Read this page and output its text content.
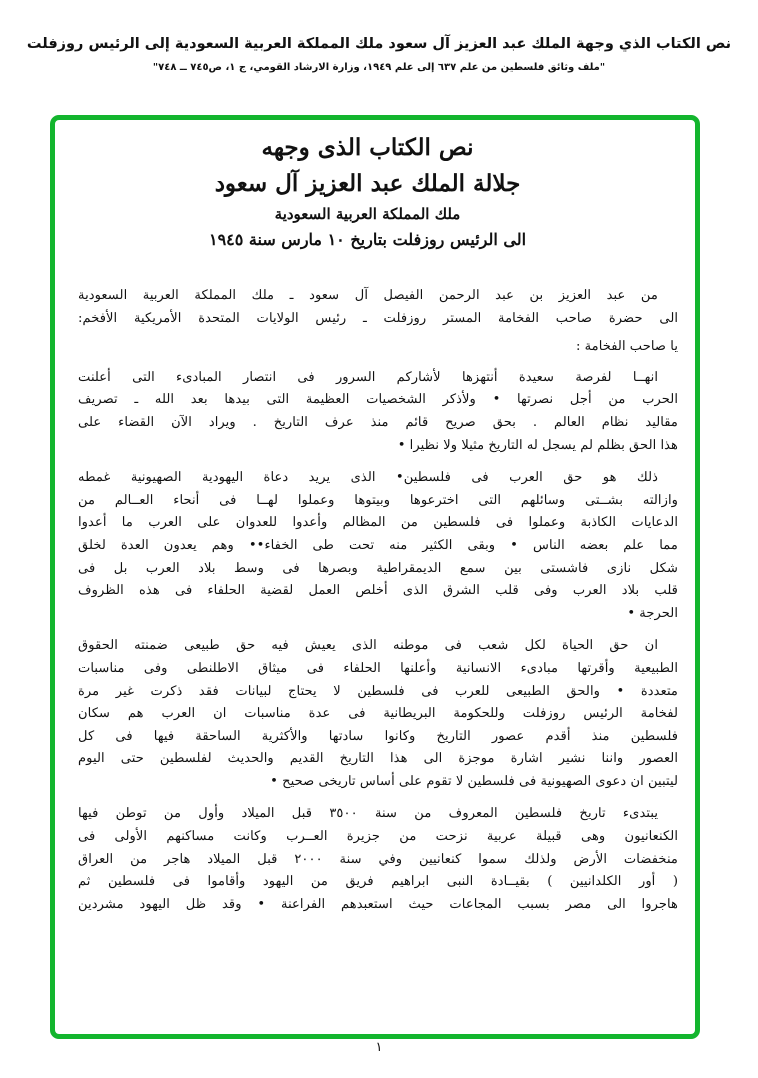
نص الكتاب الذي وجهة الملك عبد العزيز آل سعود ملك المملكة العربية السعودية إلى الرئيس روزفلت
"ملف وثائق فلسطين من علم ٦٣٧ إلى علم ١٩٤٩، وزارة الارشاد القومي، ج ١، ص٧٤٥ ــ ٧٤٨"
نص الكتاب الذى وجهه
جلالة الملك عبد العزيز آل سعود
ملك المملكة العربية السعودية
الى الرئيس روزفلت بتاريخ ١٠ مارس سنة ١٩٤٥
من عبد العزيز بن عبد الرحمن الفيصل آل سعود ـ ملك المملكة العربية السعودية
الى حضرة صاحب الفخامة المستر روزفلت ـ رئيس الولايات المتحدة الأمريكية الأفخم:
يا صاحب الفخامة :

انهــا لفرصة سعيدة أنتهزها لأشاركم السرور فى انتصار المبادىء التى أعلنت
الحرب من أجل نصرتها • ولأذكر الشخصيات العظيمة التى بيدها بعد الله ـ تصريف
مقاليد نظام العالم . بحق صريح قائم منذ عرف التاريخ . ويراد الآن القضاء على
هذا الحق بظلم لم يسجل له التاريخ مثيلا ولا نظيرا •

ذلك هو حق العرب فى فلسطين• الذى يريد دعاة اليهودية الصهيونية غمطه
وازالته بشــتى وسائلهم التى اخترعوها وبيتوها وعملوا لهــا فى أنحاء العــالم من
الدعايات الكاذبة وعملوا فى فلسطين من المظالم وأعدوا للعدوان على العرب ما أعدوا
مما علم بعضه الناس • وبقى الكثير منه تحت طى الخفاء•• وهم يعدون العدة لخلق
شكل نازى فاشستى بين سمع الديمقراطية وبصرها فى وسط بلاد العرب بل فى
قلب بلاد العرب وفى قلب الشرق الذى أخلص العمل لقضية الحلفاء فى هذه الظروف
الحرجة •

ان حق الحياة لكل شعب فى موطنه الذى يعيش فيه حق طبيعى ضمنته الحقوق
الطبيعية وأقرتها مبادىء الانسانية وأعلنها الحلفاء فى ميثاق الاطلنطى وفى مناسبات
متعددة • والحق الطبيعى للعرب فى فلسطين لا يحتاج لبيانات فقد ذكرت غير مرة
لفخامة الرئيس روزفلت وللحكومة البريطانية فى عدة مناسبات ان العرب هم سكان
فلسطين منذ أقدم عصور التاريخ وكانوا سادتها والأكثرية الساحقة فيها فى كل
العصور واننا نشير اشارة موجزة الى هذا التاريخ القديم والحديث لفلسطين حتى اليوم
ليتبين ان دعوى الصهيونية فى فلسطين لا تقوم على أساس تاريخى صحيح •

يبتدىء تاريخ فلسطين المعروف من سنة ٣٥٠٠ قبل الميلاد وأول من توطن فيها
الكنعانيون وهى قبيلة عربية نزحت من جزيرة العــرب وكانت مساكنهم الأولى فى
منخفضات الأرض ولذلك سموا كنعانيين وفي سنة ٢٠٠٠ قبل الميلاد هاجر من العراق
( أور الكلدانيين ) بقيــادة النبى ابراهيم فريق من اليهود وأقاموا فى فلسطين ثم
هاجروا الى مصر بسبب المجاعات حيث استعبدهم الفراعنة • وقد ظل اليهود مشردين

١
